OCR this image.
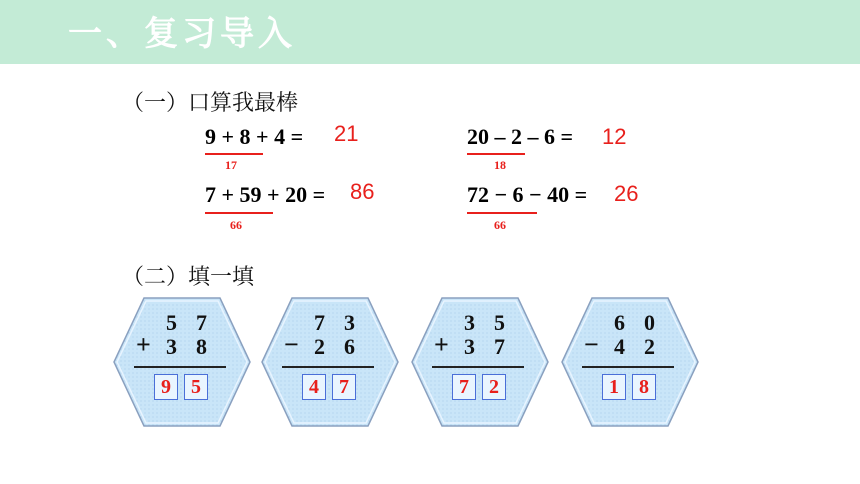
一、复习导入
（一）口算我最棒
9 + 8 + 4 = 21
17
7 + 59 + 20 = 86
66
20 – 2 – 6 = 12
18
72 − 6 − 40 = 26
66
（二）填一填
5 7
+ 3 8
9	5
7 3
− 2 6
4	7
3 5
+ 3 7
7	2
6 0
− 4 2
1	8
